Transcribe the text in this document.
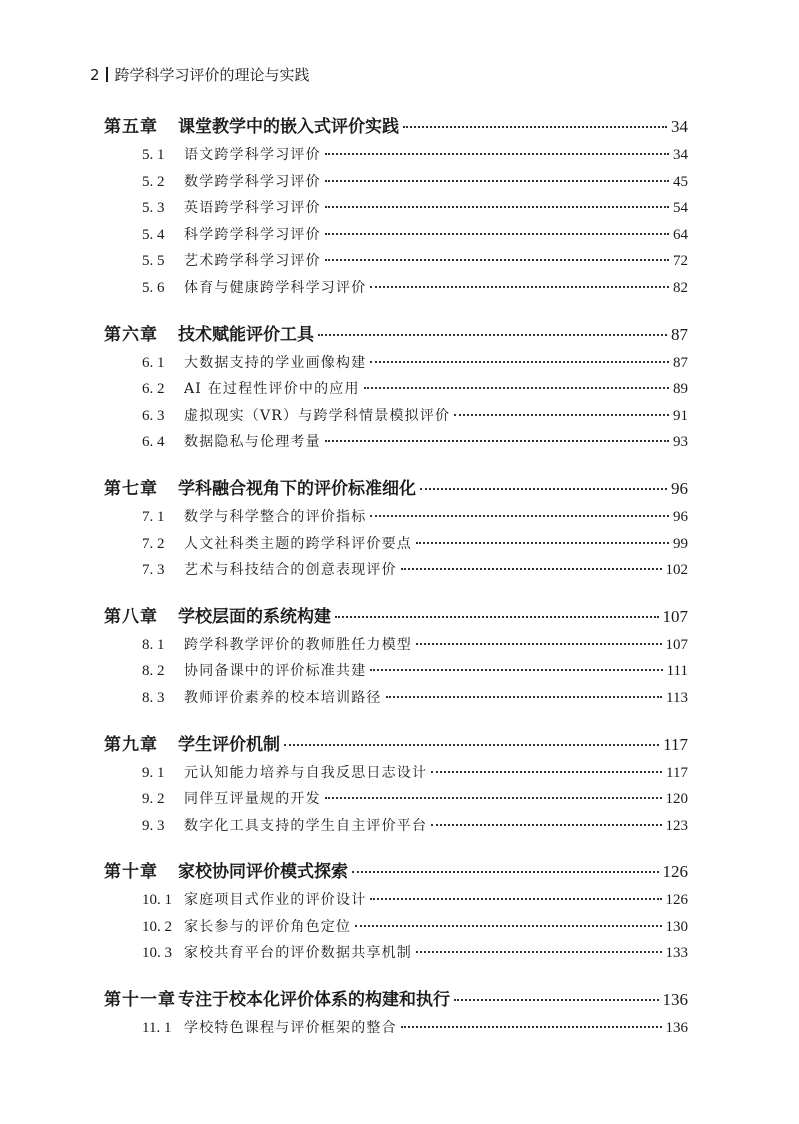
2 跨学科学习评价的理论与实践
第五章	课堂教学中的嵌入式评价实践	34
5. 1	语文跨学科学习评价	34
5. 2	数学跨学科学习评价	45
5. 3	英语跨学科学习评价	54
5. 4	科学跨学科学习评价	64
5. 5	艺术跨学科学习评价	72
5. 6	体育与健康跨学科学习评价	82
第六章	技术赋能评价工具	87
6. 1	大数据支持的学业画像构建	87
6. 2	AI 在过程性评价中的应用	89
6. 3	虚拟现实（VR）与跨学科情景模拟评价	91
6. 4	数据隐私与伦理考量	93
第七章	学科融合视角下的评价标准细化	96
7. 1	数学与科学整合的评价指标	96
7. 2	人文社科类主题的跨学科评价要点	99
7. 3	艺术与科技结合的创意表现评价	102
第八章	学校层面的系统构建	107
8. 1	跨学科教学评价的教师胜任力模型	107
8. 2	协同备课中的评价标准共建	111
8. 3	教师评价素养的校本培训路径	113
第九章	学生评价机制	117
9. 1	元认知能力培养与自我反思日志设计	117
9. 2	同伴互评量规的开发	120
9. 3	数字化工具支持的学生自主评价平台	123
第十章	家校协同评价模式探索	126
10. 1 家庭项目式作业的评价设计	126
10. 2 家长参与的评价角色定位	130
10. 3 家校共育平台的评价数据共享机制	133
第十一章 专注于校本化评价体系的构建和执行	136
11. 1 学校特色课程与评价框架的整合	136
